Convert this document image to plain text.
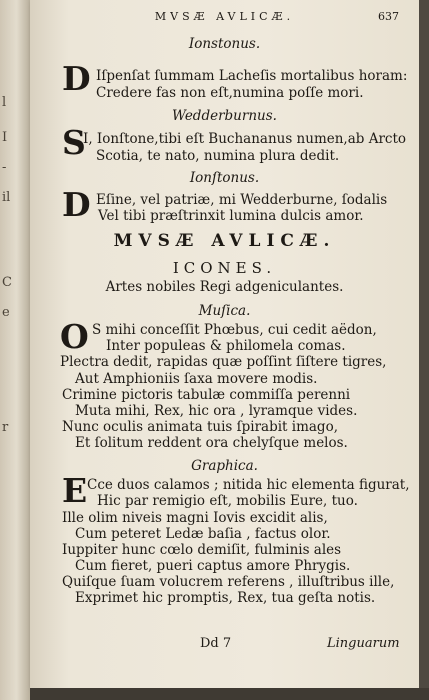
l
I
-
il
C
e
r
MVSÆ AVLICÆ.	637
Ionstonus.
D Iſpenſat ſummam Lacheſis mortalibus horam:
Credere fas non eſt,numina poſſe mori.
Wedderburnus.
S
I, Ionſtone,tibi eſt Buchananus numen,ab Arcto
Scotia, te nato, numina plura dedit.
Ionſtonus.
D Eſine, vel patriæ, mi Wedderburne, ſodalis
Vel tibi præſtrinxit lumina dulcis amor.
MVSÆ AVLICÆ.
ICONES.
Artes nobiles Regi adgeniculantes.
Muſica.
O S mihi conceſſit Phœbus, cui cedit aëdon,
Inter populeas & philomela comas.
Plectra dedit, rapidas quæ poſſint ſiſtere tigres,
Aut Amphioniis ſaxa movere modis.
Crimine pictoris tabulæ commiſſa perenni
Muta mihi, Rex, hic ora , lyramque vides.
Nunc oculis animata tuis ſpirabit imago,
Et ſolitum reddent ora chelyſque melos.
Graphica.
E Cce duos calamos ; nitida hic elementa figurat,
Hic par remigio eſt, mobilis Eure, tuo.
Ille olim niveis magni Iovis excidit alis,
Cum peteret Ledæ baſia , factus olor.
Iuppiter hunc cœlo demiſit, fulminis ales
Cum fieret, pueri captus amore Phrygis.
Quiſque ſuam volucrem referens , illuſtribus ille,
Exprimet hic promptis, Rex, tua geſta notis.
Dd 7	Linguarum
